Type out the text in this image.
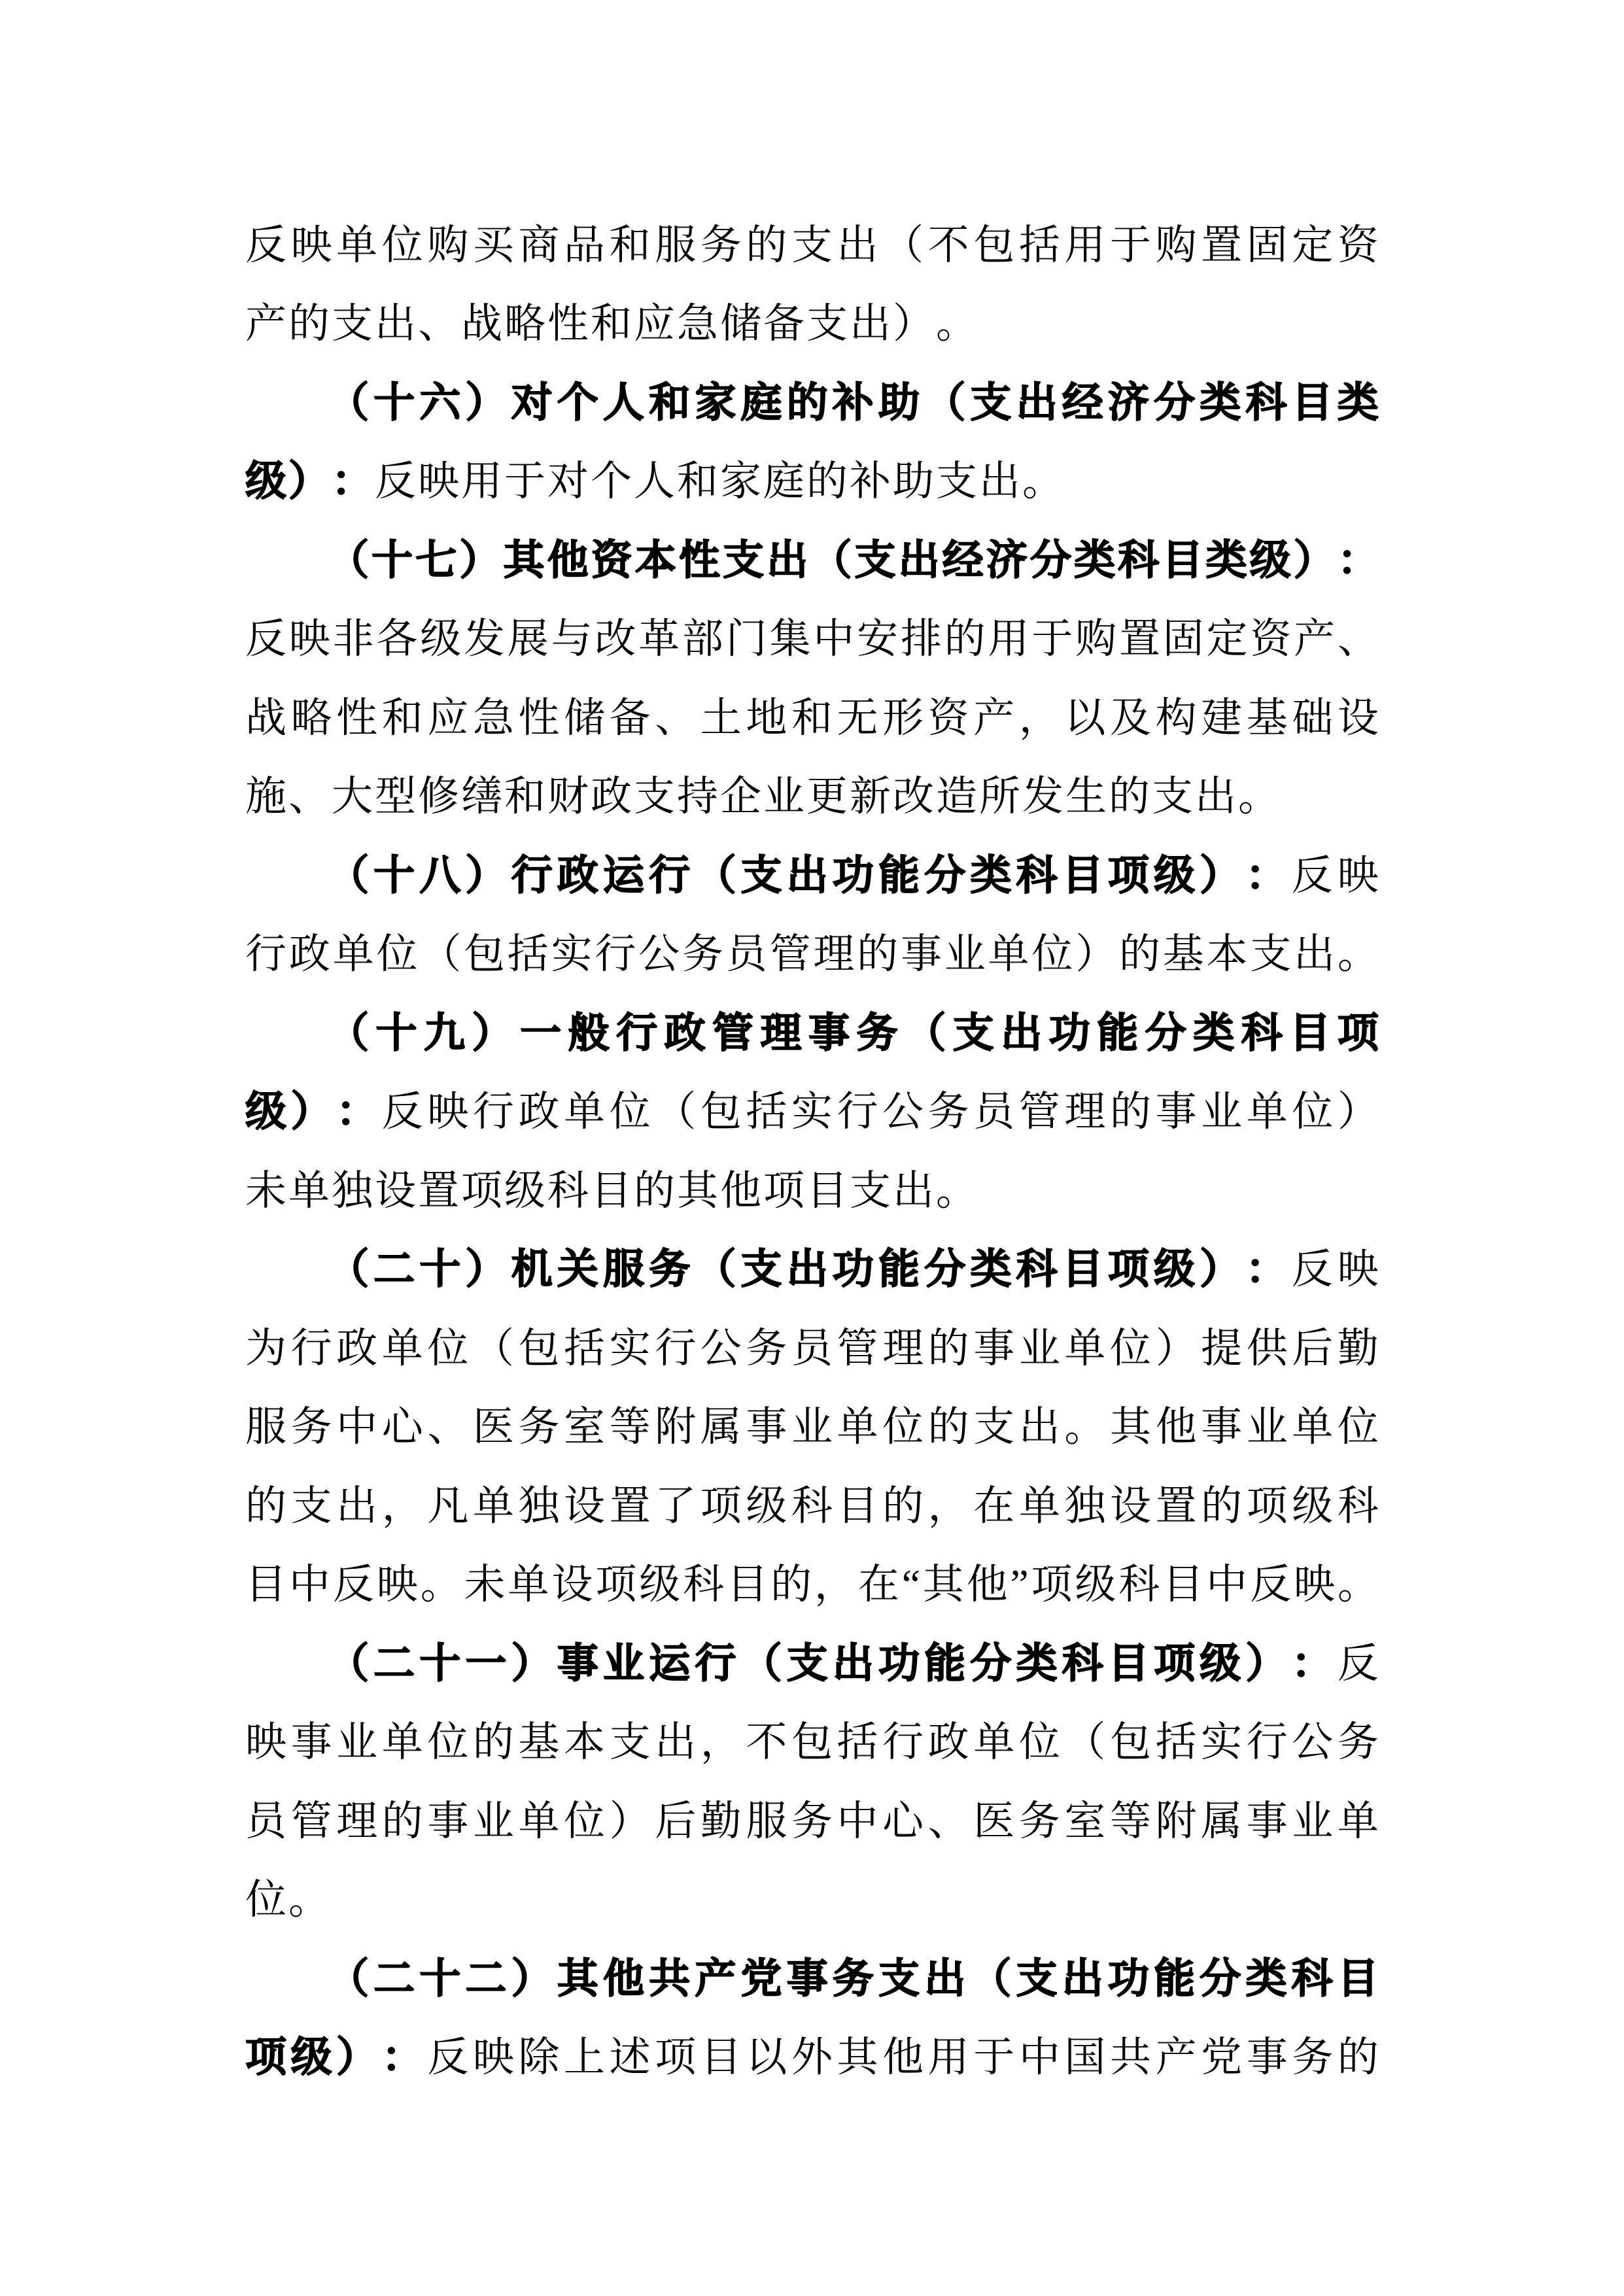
反 映 单 位 购 买 商 品 和 服 务 的 支 出 （ 不 包 括 用 于 购 置 固 定 资
产 的 支 出 、 战 略 性 和 应 急 储 备 支 出 ） 。
（ 十 六 ） 对 个 人 和 家 庭 的 补 助 （ 支 出 经 济 分 类 科 目 类
级 ） ： 反 映 用 于 对 个 人 和 家 庭 的 补 助 支 出 。
（ 十 七 ） 其 他 资 本 性 支 出 （ 支 出 经 济 分 类 科 目 类 级 ） ：
反 映 非 各 级 发 展 与 改 革 部 门 集 中 安 排 的 用 于 购 置 固 定 资 产 、
战 略 性 和 应 急 性 储 备 、 土 地 和 无 形 资 产 ， 以 及 构 建 基 础 设
施 、 大 型 修 缮 和 财 政 支 持 企 业 更 新 改 造 所 发 生 的 支 出 。
（ 十 八 ） 行 政 运 行 （ 支 出 功 能 分 类 科 目 项 级 ） ： 反 映
行 政 单 位 （ 包 括 实 行 公 务 员 管 理 的 事 业 单 位 ） 的 基 本 支 出 。
（ 十 九 ） 一 般 行 政 管 理 事 务 （ 支 出 功 能 分 类 科 目 项
级 ） ： 反 映 行 政 单 位 （ 包 括 实 行 公 务 员 管 理 的 事 业 单 位 ）
未 单 独 设 置 项 级 科 目 的 其 他 项 目 支 出 。
（ 二 十 ） 机 关 服 务 （ 支 出 功 能 分 类 科 目 项 级 ） ： 反 映
为 行 政 单 位 （ 包 括 实 行 公 务 员 管 理 的 事 业 单 位 ） 提 供 后 勤
服 务 中 心 、 医 务 室 等 附 属 事 业 单 位 的 支 出 。 其 他 事 业 单 位
的 支 出 ， 凡 单 独 设 置 了 项 级 科 目 的 ， 在 单 独 设 置 的 项 级 科
目 中 反 映 。 未 单 设 项 级 科 目 的 ， 在 “ 其 他 ” 项 级 科 目 中 反 映 。
（ 二 十 一 ） 事 业 运 行 （ 支 出 功 能 分 类 科 目 项 级 ） ： 反
映 事 业 单 位 的 基 本 支 出 ， 不 包 括 行 政 单 位 （ 包 括 实 行 公 务
员 管 理 的 事 业 单 位 ） 后 勤 服 务 中 心 、 医 务 室 等 附 属 事 业 单
位 。
（ 二 十 二 ） 其 他 共 产 党 事 务 支 出 （ 支 出 功 能 分 类 科 目
项 级 ） ： 反 映 除 上 述 项 目 以 外 其 他 用 于 中 国 共 产 党 事 务 的
